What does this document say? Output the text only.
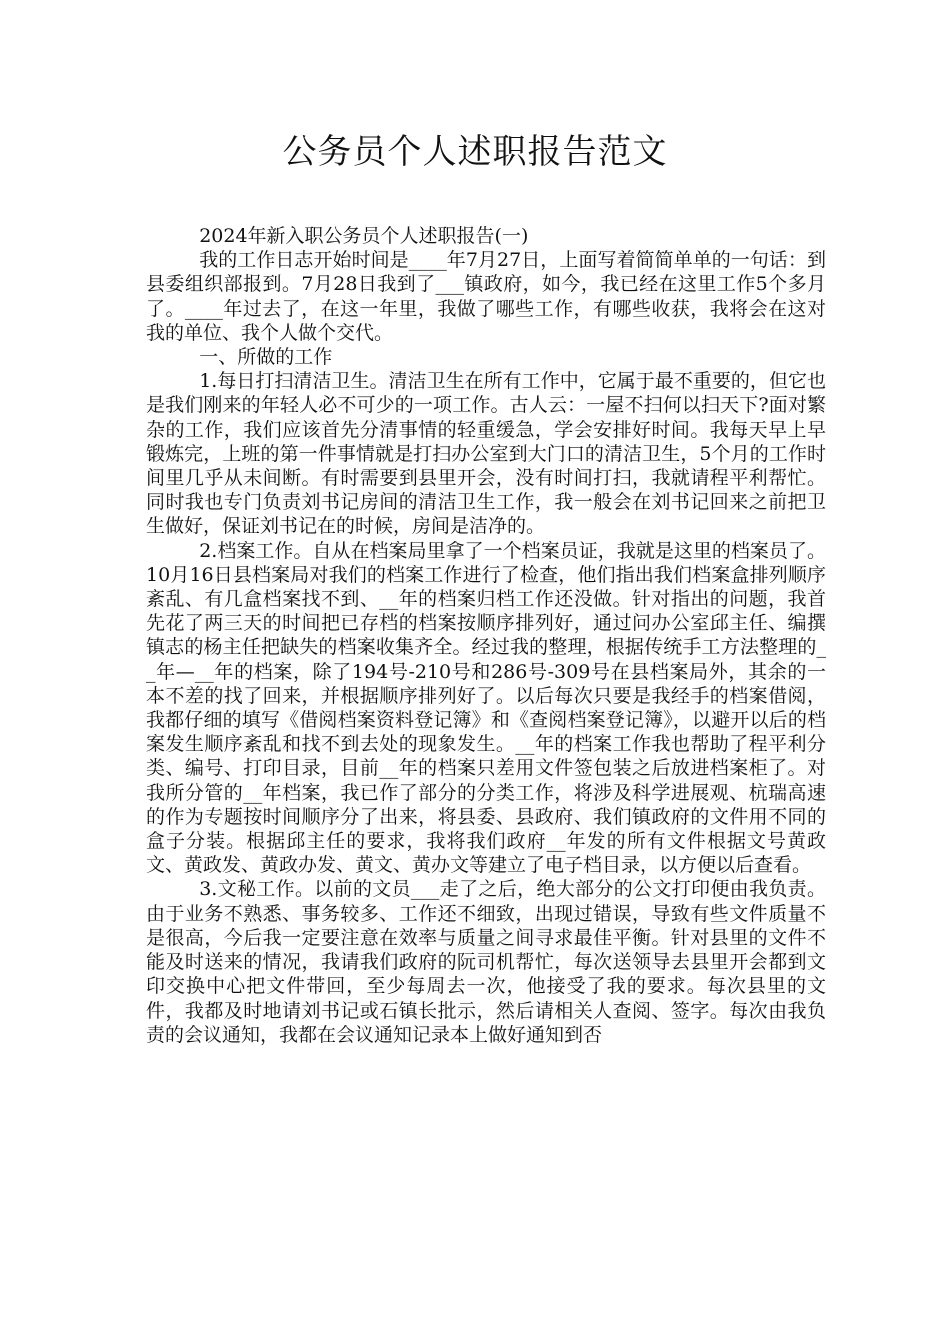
公务员个人述职报告范文

2024年新入职公务员个人述职报告(一)

我的工作日志开始时间是____年7月27日，上面写着简简单单的一句话：到县委组织部报到。7月28日我到了___镇政府，如今，我已经在这里工作5个多月了。____年过去了，在这一年里，我做了哪些工作，有哪些收获，我将会在这对我的单位、我个人做个交代。

一、所做的工作

1.每日打扫清洁卫生。清洁卫生在所有工作中，它属于最不重要的，但它也是我们刚来的年轻人必不可少的一项工作。古人云：一屋不扫何以扫天下?面对繁杂的工作，我们应该首先分清事情的轻重缓急，学会安排好时间。我每天早上早锻炼完，上班的第一件事情就是打扫办公室到大门口的清洁卫生，5个月的工作时间里几乎从未间断。有时需要到县里开会，没有时间打扫，我就请程平利帮忙。同时我也专门负责刘书记房间的清洁卫生工作，我一般会在刘书记回来之前把卫生做好，保证刘书记在的时候，房间是洁净的。

2.档案工作。自从在档案局里拿了一个档案员证，我就是这里的档案员了。10月16日县档案局对我们的档案工作进行了检查，他们指出我们档案盒排列顺序紊乱、有几盒档案找不到、__年的档案归档工作还没做。针对指出的问题，我首先花了两三天的时间把已存档的档案按顺序排列好，通过问办公室邱主任、编撰镇志的杨主任把缺失的档案收集齐全。经过我的整理，根据传统手工方法整理的__年—__年的档案，除了194号-210号和286号-309号在县档案局外，其余的一本不差的找了回来，并根据顺序排列好了。以后每次只要是我经手的档案借阅，我都仔细的填写《借阅档案资料登记簿》和《查阅档案登记簿》，以避开以后的档案发生顺序紊乱和找不到去处的现象发生。__年的档案工作我也帮助了程平利分类、编号、打印目录，目前__年的档案只差用文件签包装之后放进档案柜了。对我所分管的__年档案，我已作了部分的分类工作，将涉及科学进展观、杭瑞高速的作为专题按时间顺序分了出来，将县委、县政府、我们镇政府的文件用不同的盒子分装。根据邱主任的要求，我将我们政府__年发的所有文件根据文号黄政文、黄政发、黄政办发、黄文、黄办文等建立了电子档目录，以方便以后查看。

3.文秘工作。以前的文员___走了之后，绝大部分的公文打印便由我负责。由于业务不熟悉、事务较多、工作还不细致，出现过错误，导致有些文件质量不是很高，今后我一定要注意在效率与质量之间寻求最佳平衡。针对县里的文件不能及时送来的情况，我请我们政府的阮司机帮忙，每次送领导去县里开会都到文印交换中心把文件带回，至少每周去一次，他接受了我的要求。每次县里的文件，我都及时地请刘书记或石镇长批示，然后请相关人查阅、签字。每次由我负责的会议通知，我都在会议通知记录本上做好通知到否
